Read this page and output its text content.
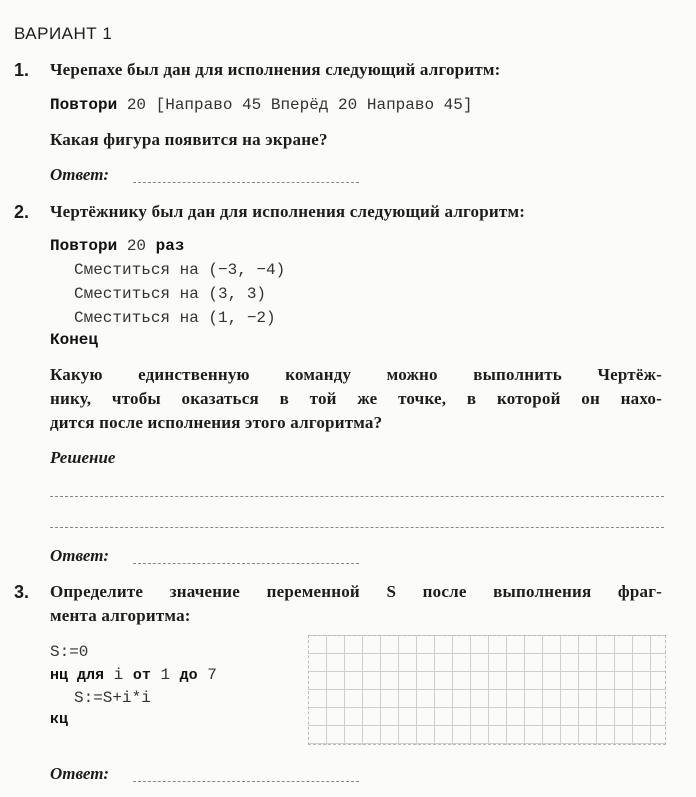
ВАРИАНТ 1
1. Черепахе был дан для исполнения следующий алгоритм:
Повтори 20 [Направо 45 Вперёд 20 Направо 45]
Какая фигура появится на экране?
Ответ:
2. Чертёжнику был дан для исполнения следующий алгоритм:
Повтори 20 раз
Сместиться на (−3, −4)
Сместиться на (3, 3)
Сместиться на (1, −2)
Конец
Какую единственную команду можно выполнить Чертёж-
нику, чтобы оказаться в той же точке, в которой он нахо-
дится после исполнения этого алгоритма?
Решение
Ответ:
3. Определите значение переменной S после выполнения фраг-
мента алгоритма:
S:=0
нц для i от 1 до 7
S:=S+i*i
кц
Ответ:
